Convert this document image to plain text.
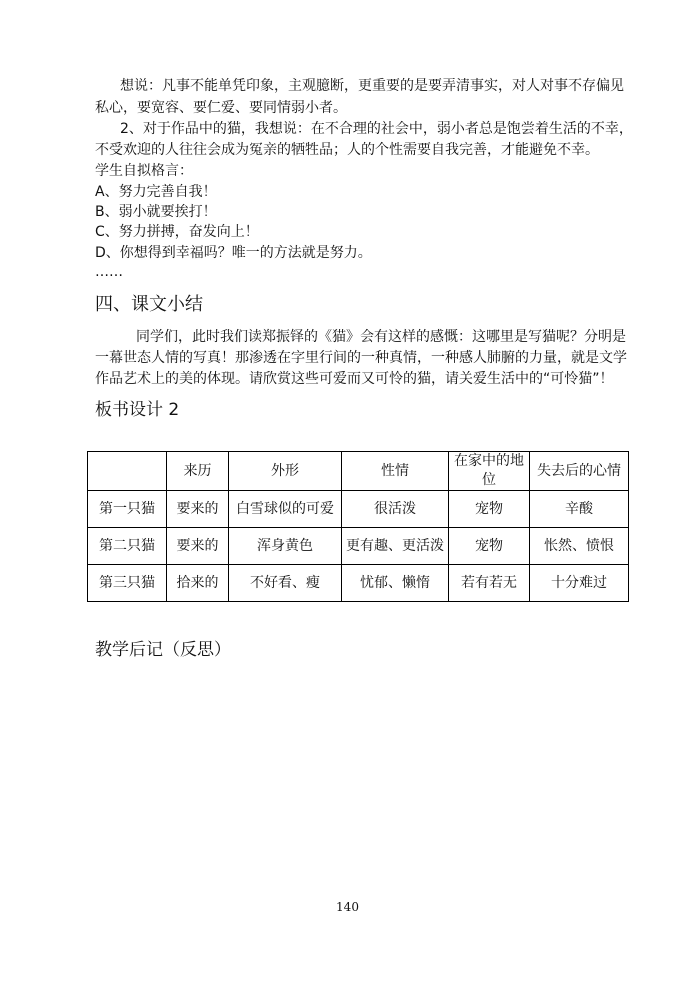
想说：凡事不能单凭印象，主观臆断，更重要的是要弄清事实，对人对事不存偏见
私心，要宽容、要仁爱、要同情弱小者。
2、对于作品中的猫，我想说：在不合理的社会中，弱小者总是饱尝着生活的不幸，
不受欢迎的人往往会成为冤亲的牺牲品；人的个性需要自我完善，才能避免不幸。
学生自拟格言：
A、努力完善自我！
B、弱小就要挨打！
C、努力拼搏，奋发向上！
D、你想得到幸福吗？唯一的方法就是努力。
……
四、课文小结
同学们，此时我们读郑振铎的《猫》会有这样的感慨：这哪里是写猫呢？分明是
一幕世态人情的写真！那渗透在字里行间的一种真情，一种感人肺腑的力量，就是文学
作品艺术上的美的体现。请欣赏这些可爱而又可怜的猫，请关爱生活中的“可怜猫”！
板书设计 2
	来历	外形	性情	在家中的地位	失去后的心情
第一只猫	要来的	白雪球似的可爱	很活泼	宠物	辛酸
第二只猫	要来的	浑身黄色	更有趣、更活泼	宠物	怅然、愤恨
第三只猫	拾来的	不好看、瘦	忧郁、懒惰	若有若无	十分难过
教学后记（反思）
140
